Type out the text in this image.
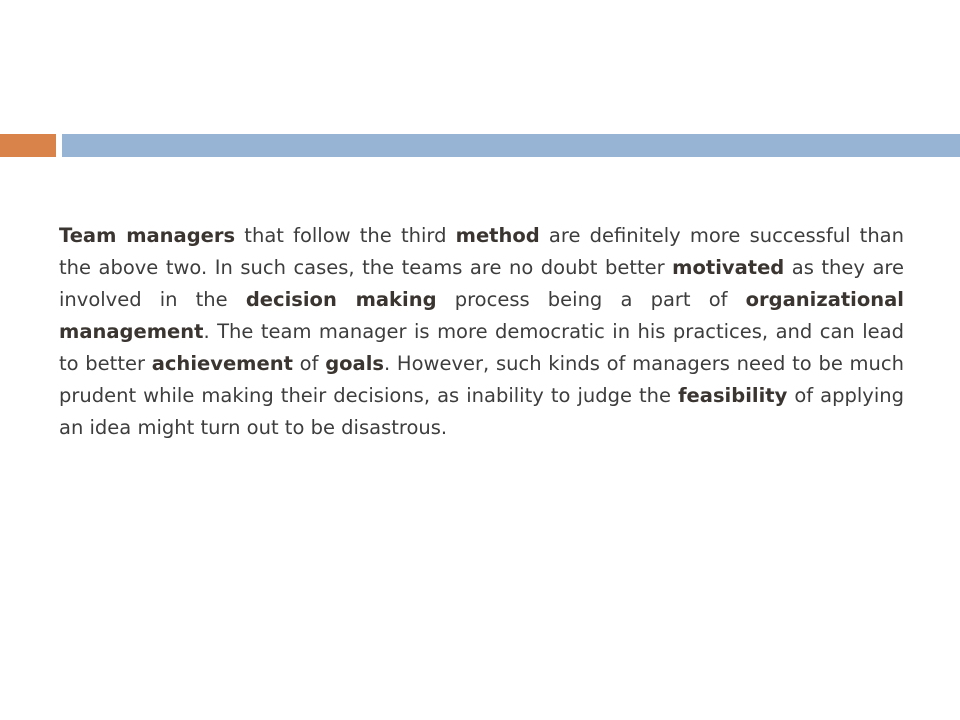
Team managers that follow the third method are definitely more successful than the above two. In such cases, the teams are no doubt better motivated as they are involved in the decision making process being a part of organizational management. The team manager is more democratic in his practices, and can lead to better achievement of goals. However, such kinds of managers need to be much prudent while making their decisions, as inability to judge the feasibility of applying an idea might turn out to be disastrous.
